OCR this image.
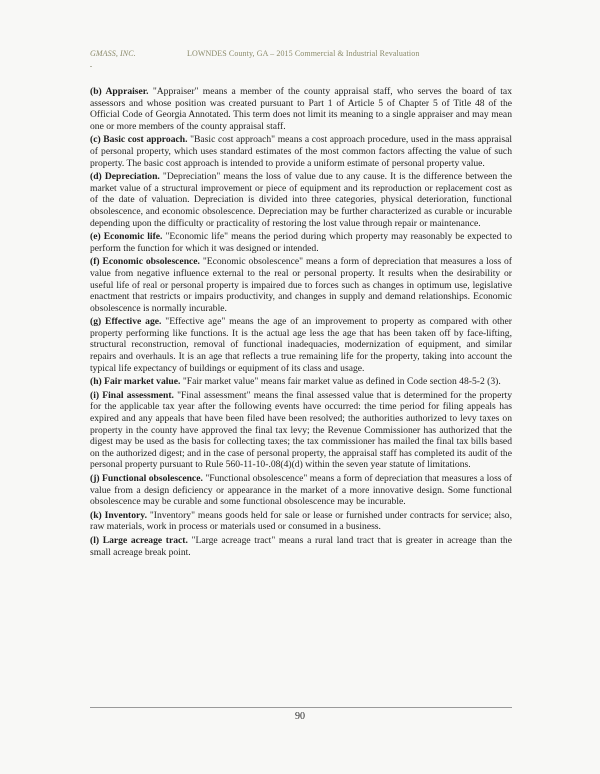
GMASS, INC.	LOWNDES County, GA – 2015 Commercial & Industrial Revaluation

(b) Appraiser. "Appraiser" means a member of the county appraisal staff, who serves the board of tax assessors and whose position was created pursuant to Part 1 of Article 5 of Chapter 5 of Title 48 of the Official Code of Georgia Annotated. This term does not limit its meaning to a single appraiser and may mean one or more members of the county appraisal staff.

(c) Basic cost approach. "Basic cost approach" means a cost approach procedure, used in the mass appraisal of personal property, which uses standard estimates of the most common factors affecting the value of such property. The basic cost approach is intended to provide a uniform estimate of personal property value.

(d) Depreciation. "Depreciation" means the loss of value due to any cause. It is the difference between the market value of a structural improvement or piece of equipment and its reproduction or replacement cost as of the date of valuation. Depreciation is divided into three categories, physical deterioration, functional obsolescence, and economic obsolescence. Depreciation may be further characterized as curable or incurable depending upon the difficulty or practicality of restoring the lost value through repair or maintenance.

(e) Economic life. "Economic life" means the period during which property may reasonably be expected to perform the function for which it was designed or intended.

(f) Economic obsolescence. "Economic obsolescence" means a form of depreciation that measures a loss of value from negative influence external to the real or personal property. It results when the desirability or useful life of real or personal property is impaired due to forces such as changes in optimum use, legislative enactment that restricts or impairs productivity, and changes in supply and demand relationships. Economic obsolescence is normally incurable.

(g) Effective age. "Effective age" means the age of an improvement to property as compared with other property performing like functions. It is the actual age less the age that has been taken off by face-lifting, structural reconstruction, removal of functional inadequacies, modernization of equipment, and similar repairs and overhauls. It is an age that reflects a true remaining life for the property, taking into account the typical life expectancy of buildings or equipment of its class and usage.

(h) Fair market value. "Fair market value" means fair market value as defined in Code section 48-5-2 (3).

(i) Final assessment. "Final assessment" means the final assessed value that is determined for the property for the applicable tax year after the following events have occurred: the time period for filing appeals has expired and any appeals that have been filed have been resolved; the authorities authorized to levy taxes on property in the county have approved the final tax levy; the Revenue Commissioner has authorized that the digest may be used as the basis for collecting taxes; the tax commissioner has mailed the final tax bills based on the authorized digest; and in the case of personal property, the appraisal staff has completed its audit of the personal property pursuant to Rule 560-11-10-.08(4)(d) within the seven year statute of limitations.

(j) Functional obsolescence. "Functional obsolescence" means a form of depreciation that measures a loss of value from a design deficiency or appearance in the market of a more innovative design. Some functional obsolescence may be curable and some functional obsolescence may be incurable.

(k) Inventory. "Inventory" means goods held for sale or lease or furnished under contracts for service; also, raw materials, work in process or materials used or consumed in a business.

(l) Large acreage tract. "Large acreage tract" means a rural land tract that is greater in acreage than the small acreage break point.

90
